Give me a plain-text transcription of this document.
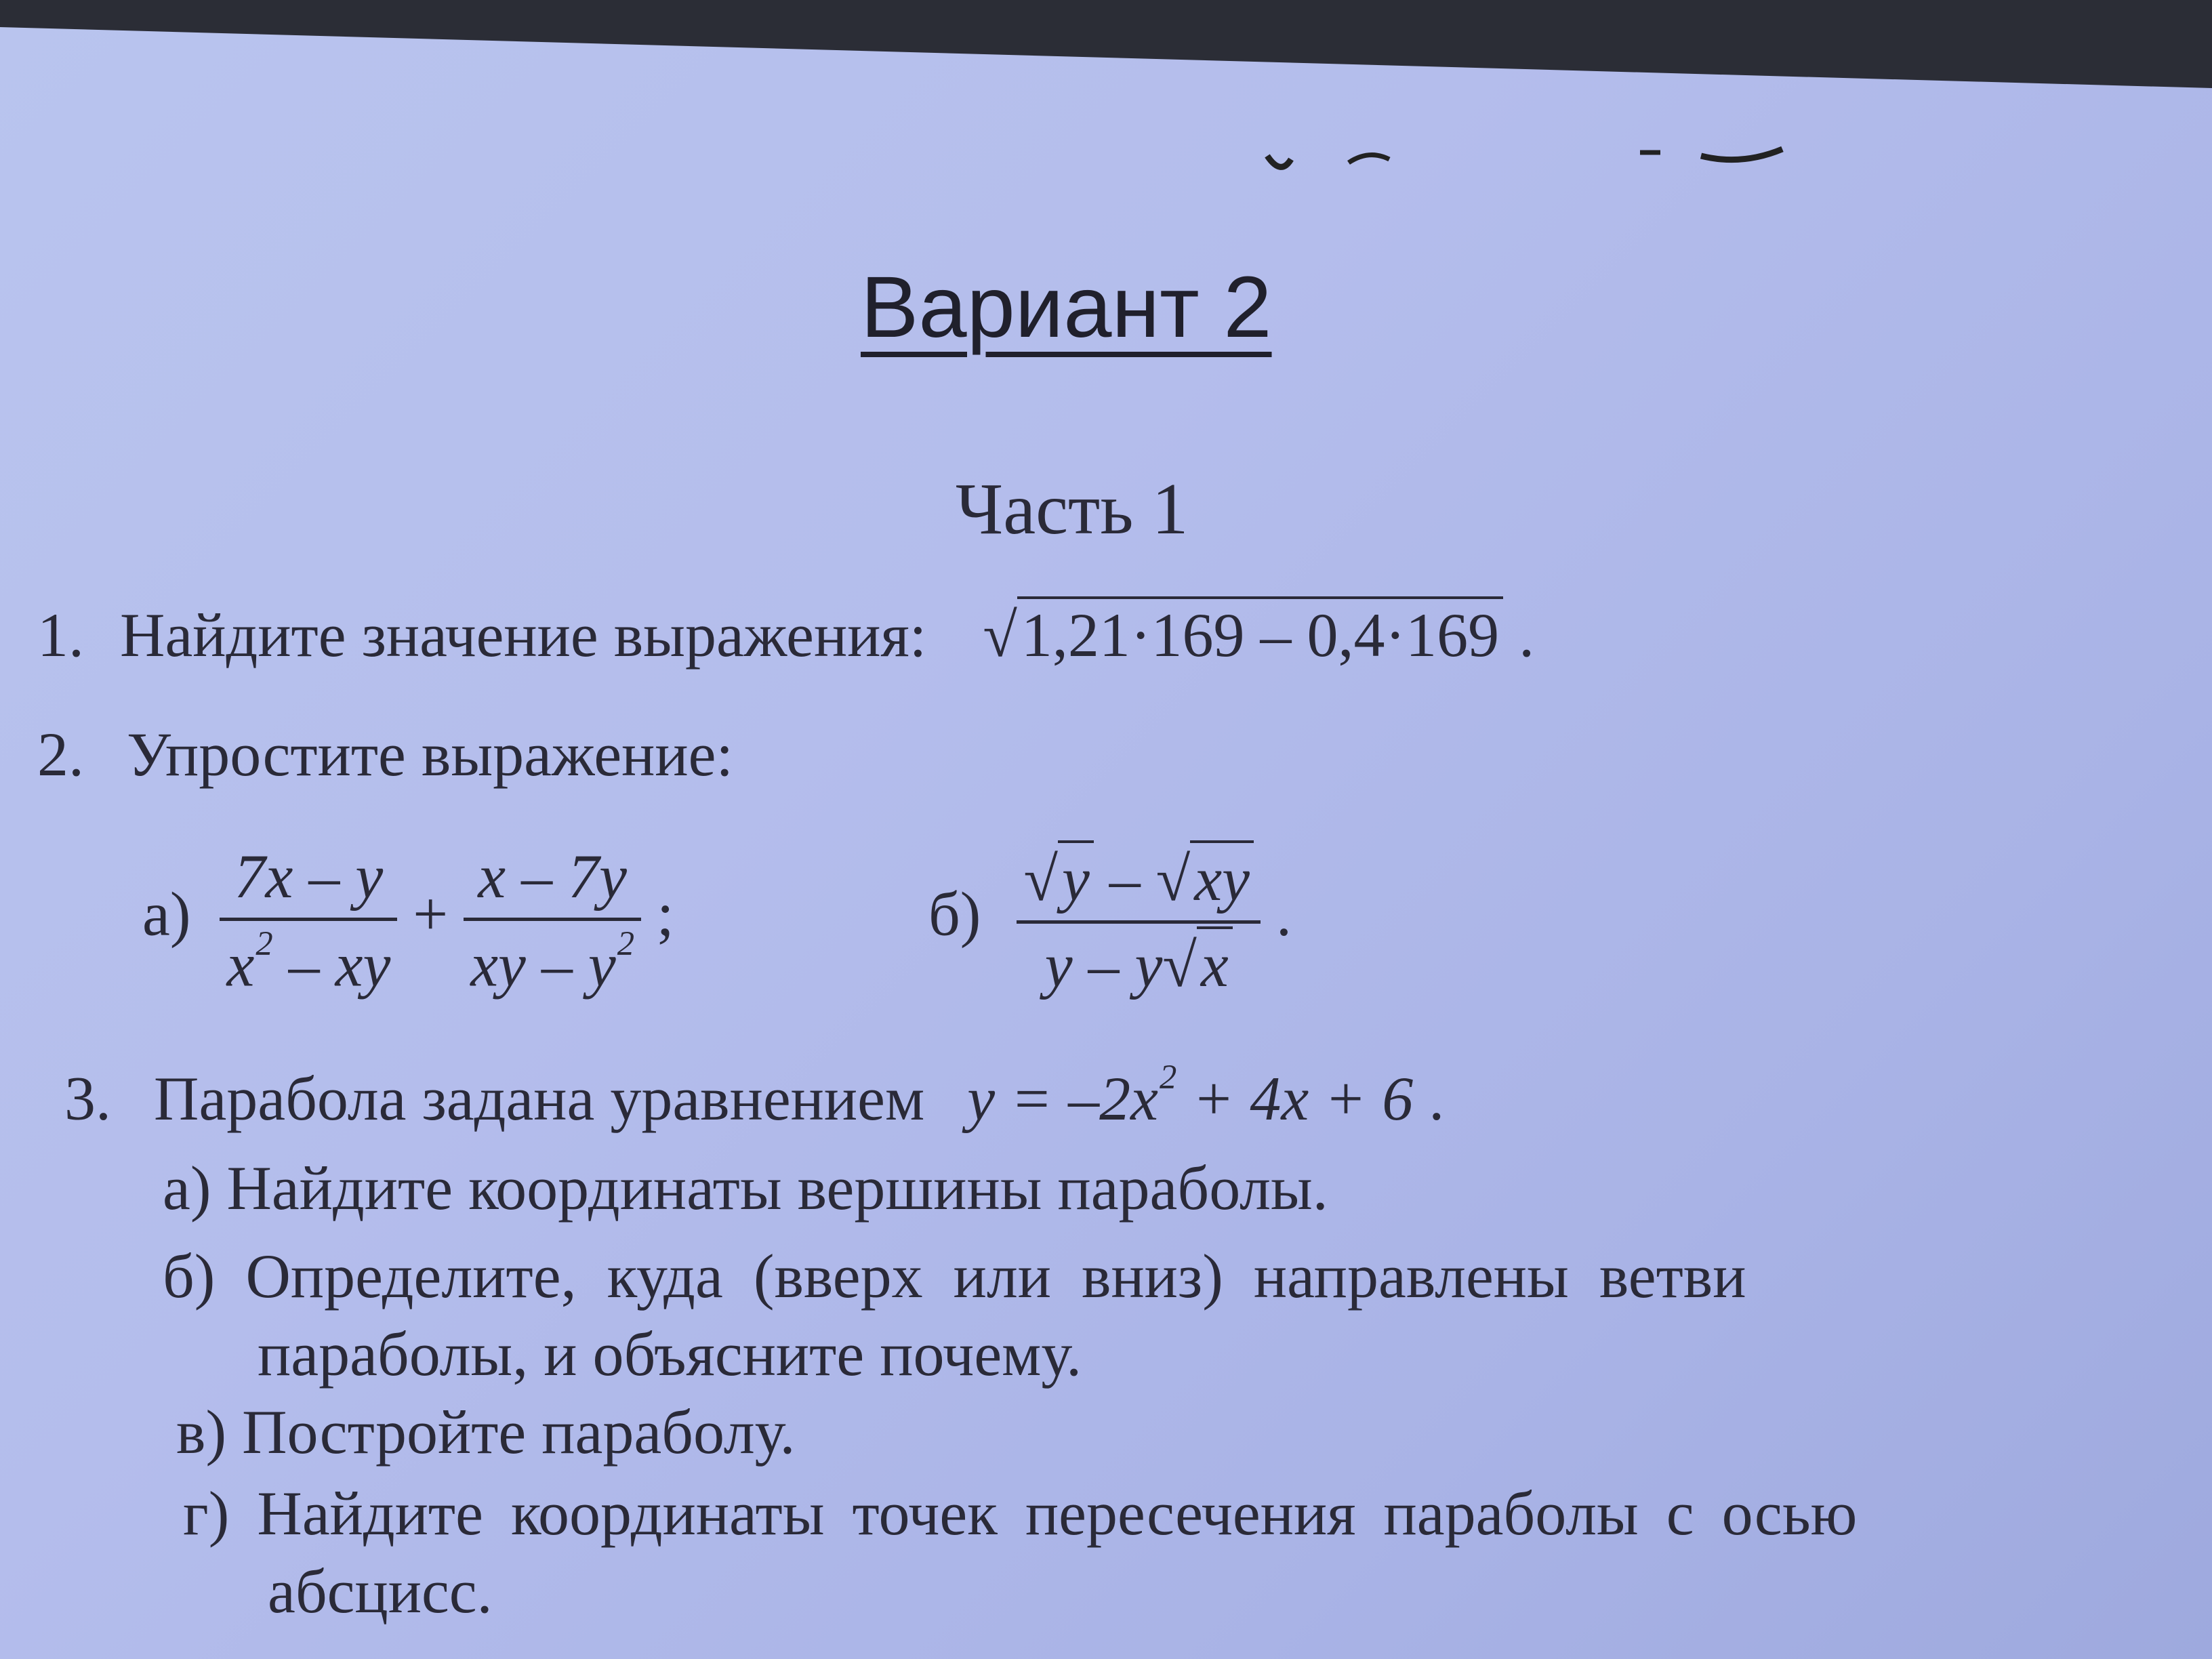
Вариант 2
Часть 1
1. Найдите значение выражения: √1,21·169 – 0,4·169 .
2. Упростите выражение:
$а) \frac{7x - y}{x^2 - xy} + \frac{x - 7y}{xy - y^2}$ ;	$б) \frac{√y - √xy}{y - y√x}$ .
3. Парабола задана уравнением $y = -2x^2 + 4x + 6$ .
а) Найдите координаты вершины параболы.
б) Определите, куда (вверх или вниз) направлены ветви
параболы, и объясните почему.
в) Постройте параболу.
г) Найдите координаты точек пересечения параболы с осью
абсцисс.
